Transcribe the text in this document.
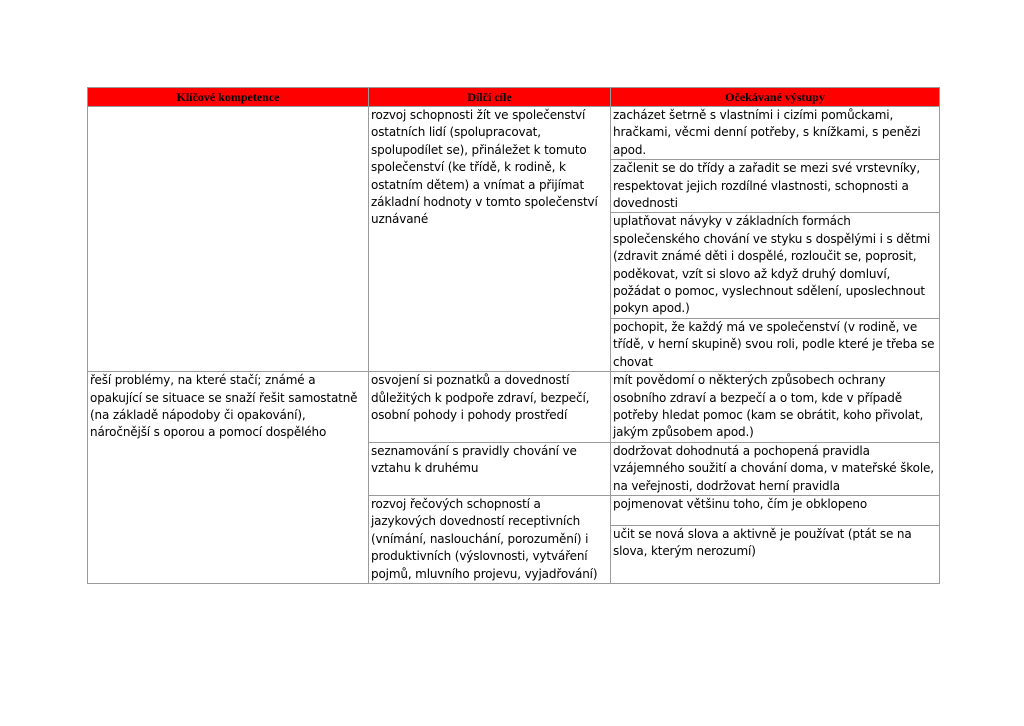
Klíčové kompetence	Dílčí cíle	Očekávané výstupy
	rozvoj schopnosti žít ve společenství ostatních lidí (spolupracovat, spolupodílet se), přináležet k tomuto společenství (ke třídě, k rodině, k ostatním dětem) a vnímat a přijímat základní hodnoty v tomto společenství uznávané	zacházet šetrně s vlastními i cizími pomůckami, hračkami, věcmi denní potřeby, s knížkami, s penězi apod.
		začlenit se do třídy a zařadit se mezi své vrstevníky, respektovat jejich rozdílné vlastnosti, schopnosti a dovednosti
		uplatňovat návyky v základních formách společenského chování ve styku s dospělými i s dětmi (zdravit známé děti i dospělé, rozloučit se, poprosit, poděkovat, vzít si slovo až když druhý domluví, požádat o pomoc, vyslechnout sdělení, uposlechnout pokyn apod.)
		pochopit, že každý má ve společenství (v rodině, ve třídě, v herní skupině) svou roli, podle které je třeba se chovat
řeší problémy, na které stačí; známé a opakující se situace se snaží řešit samostatně (na základě nápodoby či opakování), náročnější s oporou a pomocí dospělého	osvojení si poznatků a dovedností důležitých k podpoře zdraví, bezpečí, osobní pohody i pohody prostředí	mít povědomí o některých způsobech ochrany osobního zdraví a bezpečí a o tom, kde v případě potřeby hledat pomoc (kam se obrátit, koho přivolat, jakým způsobem apod.)
	seznamování s pravidly chování ve vztahu k druhému	dodržovat dohodnutá a pochopená pravidla vzájemného soužití a chování doma, v mateřské škole, na veřejnosti, dodržovat herní pravidla
	rozvoj řečových schopností a jazykových dovedností receptivních (vnímání, naslouchání, porozumění) i produktivních (výslovnosti, vytváření pojmů, mluvního projevu, vyjadřování)	pojmenovat většinu toho, čím je obklopeno
		učit se nová slova a aktivně je používat (ptát se na slova, kterým nerozumí)
